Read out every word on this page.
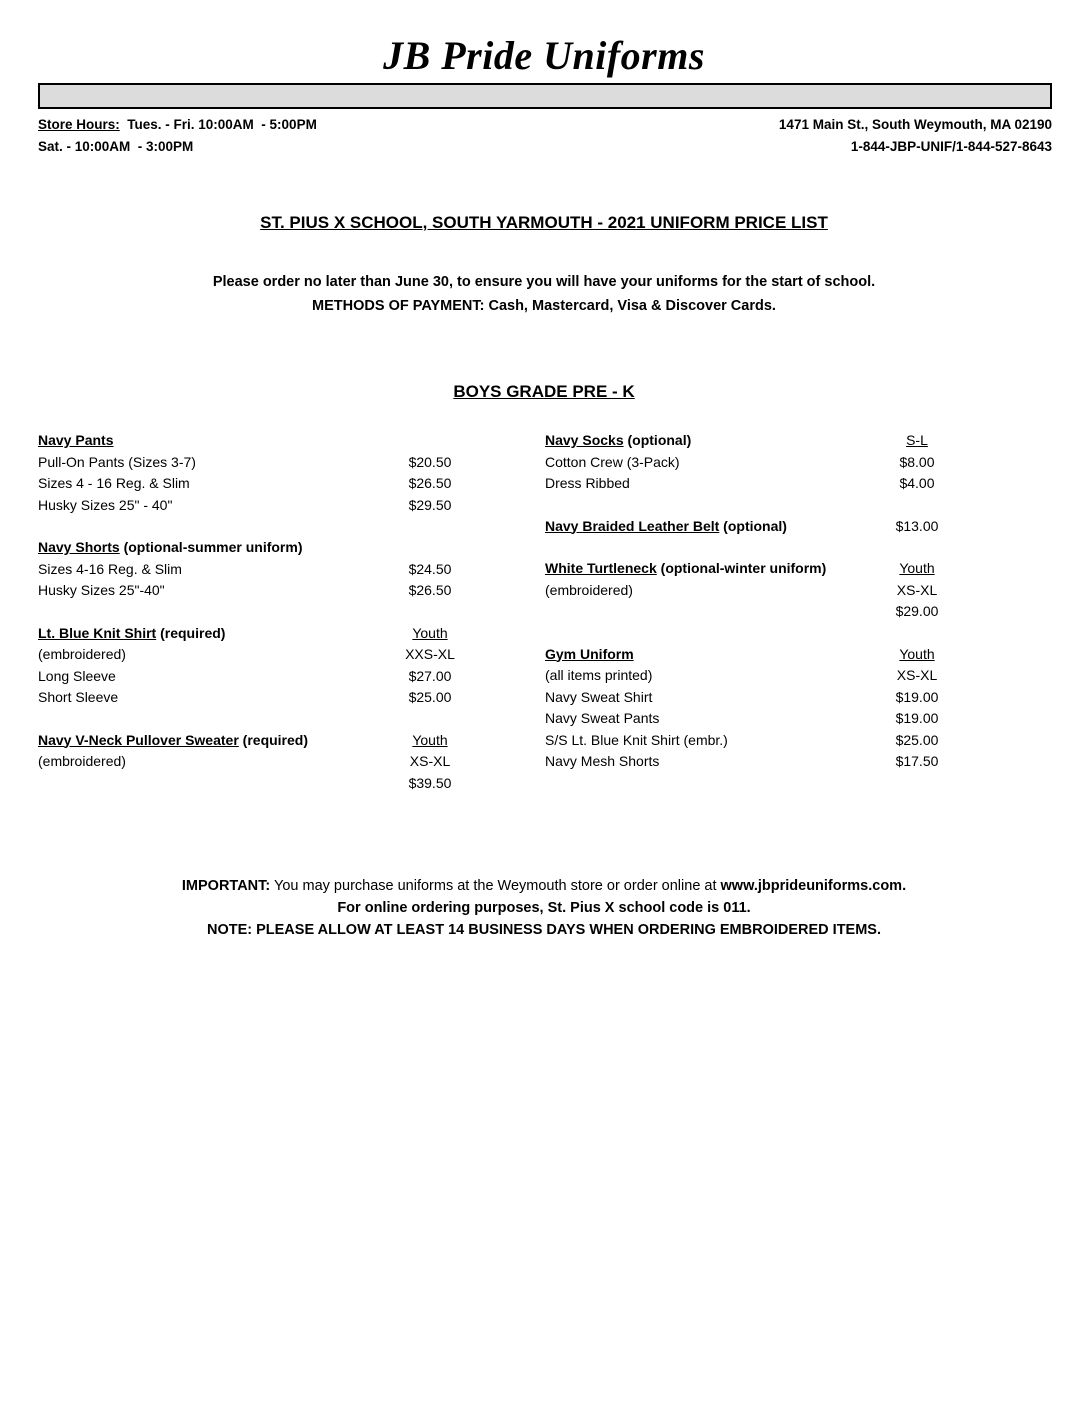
JB Pride Uniforms
Store Hours:  Tues. - Fri. 10:00AM  - 5:00PM	1471 Main St., South Weymouth, MA 02190
Sat. - 10:00AM  - 3:00PM	1-844-JBP-UNIF/1-844-527-8643
ST. PIUS X SCHOOL, SOUTH YARMOUTH - 2021 UNIFORM PRICE LIST
Please order no later than June 30, to ensure you will have your uniforms for the start of school.
METHODS OF PAYMENT: Cash, Mastercard, Visa & Discover Cards.
BOYS GRADE PRE - K
Navy Pants
Pull-On Pants (Sizes 3-7)	$20.50
Sizes 4 - 16 Reg. & Slim	$26.50
Husky Sizes 25" - 40"	$29.50
Navy Shorts (optional-summer uniform)
Sizes 4-16 Reg. & Slim	$24.50
Husky Sizes 25"-40"	$26.50
Lt. Blue Knit Shirt (required)	Youth
(embroidered)	XXS-XL
Long Sleeve	$27.00
Short Sleeve	$25.00
Navy V-Neck Pullover Sweater (required)	Youth
(embroidered)	XS-XL
$39.50
Navy Socks (optional)	S-L
Cotton Crew (3-Pack)	$8.00
Dress Ribbed	$4.00
Navy Braided Leather Belt (optional)	$13.00
White Turtleneck (optional-winter uniform)	Youth
(embroidered)	XS-XL
$29.00
Gym Uniform	Youth
(all items printed)	XS-XL
Navy Sweat Shirt	$19.00
Navy Sweat Pants	$19.00
S/S Lt. Blue Knit Shirt (embr.)	$25.00
Navy Mesh Shorts	$17.50
IMPORTANT: You may purchase uniforms at the Weymouth store or order online at www.jbprideuniforms.com.
For online ordering purposes, St. Pius X school code is 011.
NOTE: PLEASE ALLOW AT LEAST 14 BUSINESS DAYS WHEN ORDERING EMBROIDERED ITEMS.
